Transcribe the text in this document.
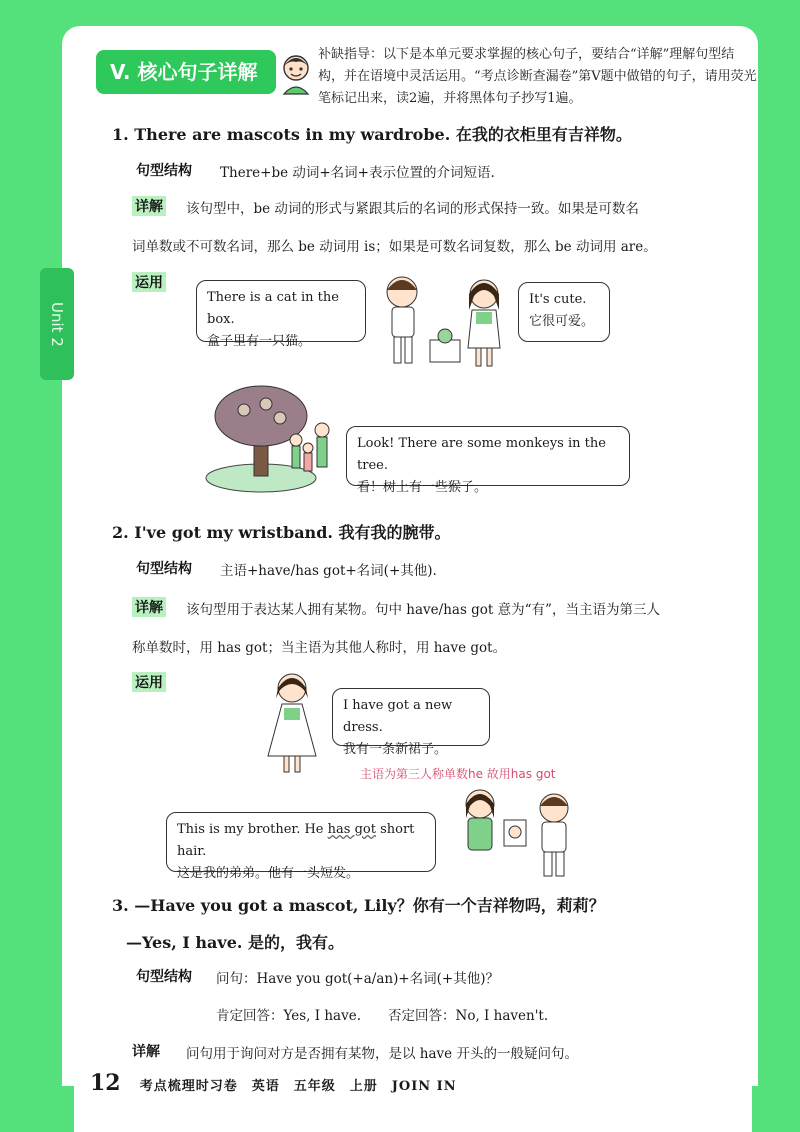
Unit 2
V. 核心句子详解
补缺指导：以下是本单元要求掌握的核心句子，要结合“详解”理解句型结构，并在语境中灵活运用。“考点诊断查漏卷”第V题中做错的句子，请用荧光笔标记出来，读2遍，并将黑体句子抄写1遍。
1. There are mascots in my wardrobe. 在我的衣柜里有吉祥物。
句型结构 There+be 动词+名词+表示位置的介词短语.
详解 该句型中，be 动词的形式与紧跟其后的名词的形式保持一致。如果是可数名
词单数或不可数名词，那么 be 动词用 is；如果是可数名词复数，那么 be 动词用 are。
运用
There is a cat in the box.
盒子里有一只猫。
It's cute.
它很可爱。
Look! There are some monkeys in the tree.
看！树上有一些猴子。
2. I've got my wristband. 我有我的腕带。
句型结构 主语+have/has got+名词(+其他).
详解 该句型用于表达某人拥有某物。句中 have/has got 意为“有”，当主语为第三人
称单数时，用 has got；当主语为其他人称时，用 have got。
运用
I have got a new dress.
我有一条新裙子。
主语为第三人称单数he 故用has got
This is my brother. He has got short hair.
这是我的弟弟。他有一头短发。
3. —Have you got a mascot, Lily？你有一个吉祥物吗，莉莉？
—Yes, I have. 是的，我有。
句型结构 问句：Have you got(+a/an)+名词(+其他)？
肯定回答：Yes, I have.　　否定回答：No, I haven't.
详解 问句用于询问对方是否拥有某物，是以 have 开头的一般疑问句。
12 考点梳理时习卷　英语　五年级　上册　JOIN IN
